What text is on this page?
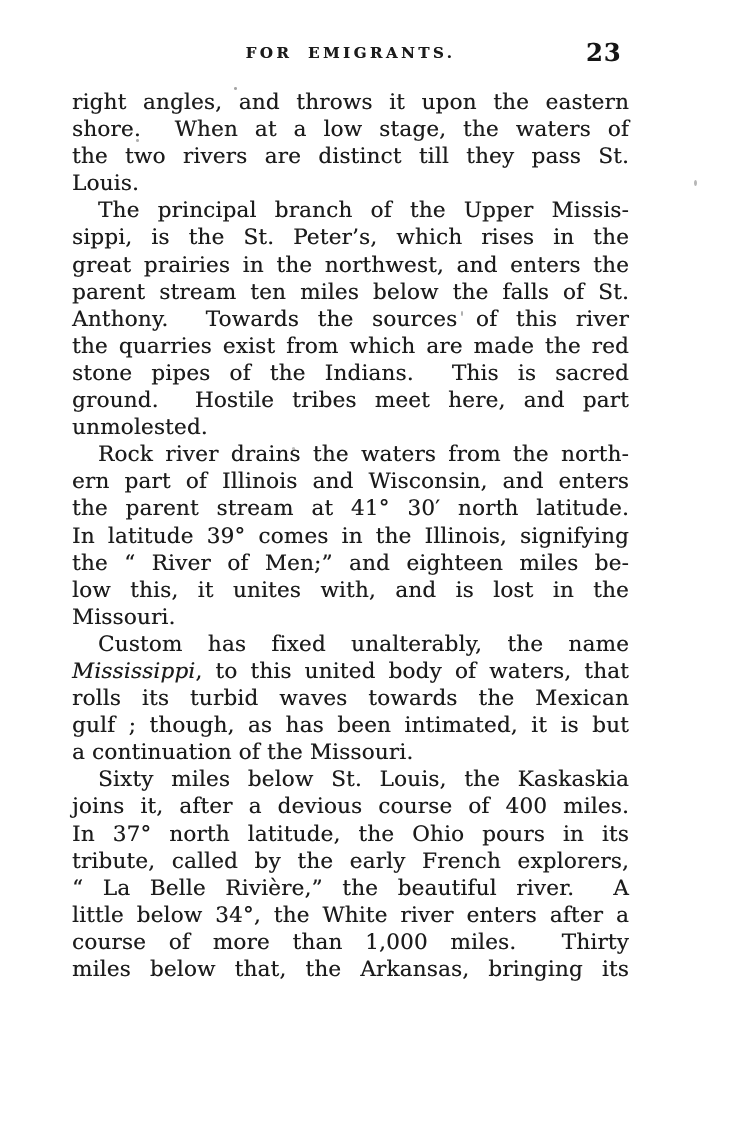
FOR EMIGRANTS.	23
right angles, and throws it upon the eastern
shore.  When at a low stage, the waters of
the two rivers are distinct till they pass St.
Louis.
The principal branch of the Upper Missis-
sippi, is the St. Peter’s, which rises in the
great prairies in the northwest, and enters the
parent stream ten miles below the falls of St.
Anthony.  Towards the sources of this river
the quarries exist from which are made the red
stone pipes of the Indians.  This is sacred
ground.  Hostile tribes meet here, and part
unmolested.
Rock river drains the waters from the north-
ern part of Illinois and Wisconsin, and enters
the parent stream at 41° 30′ north latitude.
In latitude 39° comes in the Illinois, signifying
the “ River of Men;” and eighteen miles be-
low this, it unites with, and is lost in the
Missouri.
Custom has fixed unalterably, the name
Mississippi, to this united body of waters, that
rolls its turbid waves towards the Mexican
gulf ; though, as has been intimated, it is but
a continuation of the Missouri.
Sixty miles below St. Louis, the Kaskaskia
joins it, after a devious course of 400 miles.
In 37° north latitude, the Ohio pours in its
tribute, called by the early French explorers,
“ La Belle Rivière,” the beautiful river.  A
little below 34°, the White river enters after a
course of more than 1,000 miles.  Thirty
miles below that, the Arkansas, bringing its
